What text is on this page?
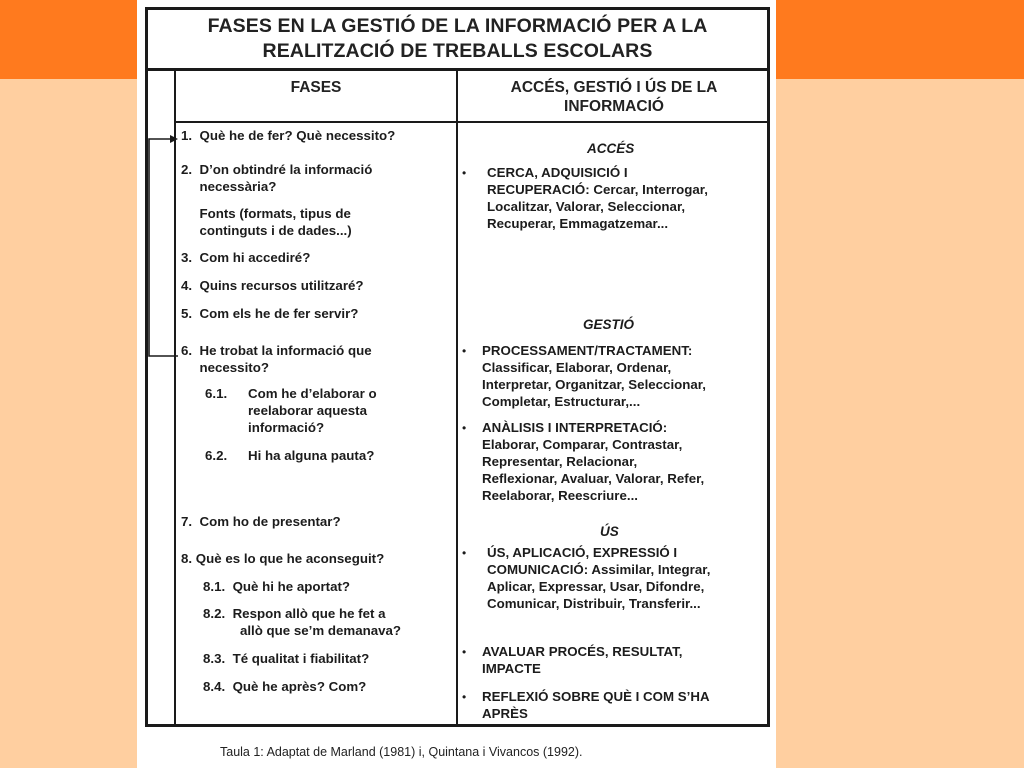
FASES EN LA GESTIÓ DE LA INFORMACIÓ PER A LA
REALITZACIÓ DE TREBALLS ESCOLARS
FASES	ACCÉS, GESTIÓ I ÚS DE LA
INFORMACIÓ
1.  Què he de fer? Què necessito?
2.  D’on obtindré la informació
necessària?
Fonts (formats, tipus de
continguts i de dades...)
3.  Com hi accediré?
4.  Quins recursos utilitzaré?
5.  Com els he de fer servir?
6.  He trobat la informació que
necessito?
6.1. Com he d’elaborar o
reelaborar aquesta
informació?
6.2. Hi ha alguna pauta?
7.  Com ho de presentar?
8. Què es lo que he aconseguit?
8.1.  Què hi he aportat?
8.2.  Respon allò que he fet a
allò que se’m demanava?
8.3.  Té qualitat i fiabilitat?
8.4.  Què he après? Com?
ACCÉS
• CERCA, ADQUISICIÓ I
RECUPERACIÓ: Cercar, Interrogar,
Localitzar, Valorar, Seleccionar,
Recuperar, Emmagatzemar...
GESTIÓ
• PROCESSAMENT/TRACTAMENT:
Classificar, Elaborar, Ordenar,
Interpretar, Organitzar, Seleccionar,
Completar, Estructurar,...
• ANÀLISIS I INTERPRETACIÓ:
Elaborar, Comparar, Contrastar,
Representar, Relacionar,
Reflexionar, Avaluar, Valorar, Refer,
Reelaborar, Reescriure...
ÚS
• ÚS, APLICACIÓ, EXPRESSIÓ I
COMUNICACIÓ: Assimilar, Integrar,
Aplicar, Expressar, Usar, Difondre,
Comunicar, Distribuir, Transferir...
• AVALUAR PROCÉS, RESULTAT,
IMPACTE
• REFLEXIÓ SOBRE QUÈ I COM S’HA
APRÈS
Taula 1: Adaptat de Marland (1981) i, Quintana i Vivancos (1992).
